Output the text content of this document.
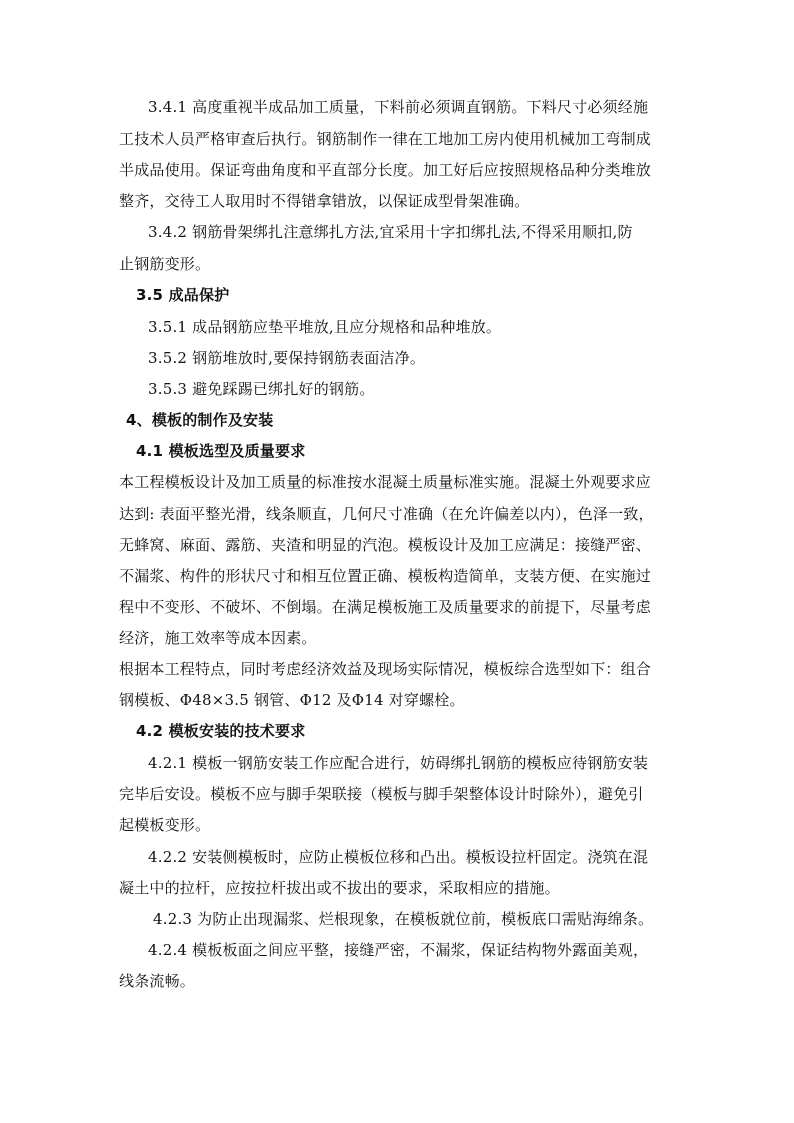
3.4.1 高度重视半成品加工质量，下料前必须调直钢筋。下料尺寸必须经施
工技术人员严格审查后执行。钢筋制作一律在工地加工房内使用机械加工弯制成
半成品使用。保证弯曲角度和平直部分长度。加工好后应按照规格品种分类堆放
整齐，交待工人取用时不得错拿错放，以保证成型骨架准确。
3.4.2 钢筋骨架绑扎注意绑扎方法,宜采用十字扣绑扎法,不得采用顺扣,防
止钢筋变形。
3.5 成品保护
3.5.1 成品钢筋应垫平堆放,且应分规格和品种堆放。
3.5.2 钢筋堆放时,要保持钢筋表面洁净。
3.5.3 避免踩踢已绑扎好的钢筋。
4、模板的制作及安装
4.1 模板选型及质量要求
本工程模板设计及加工质量的标准按水混凝土质量标准实施。混凝土外观要求应
达到: 表面平整光滑，线条顺直，几何尺寸准确（在允许偏差以内），色泽一致，
无蜂窝、麻面、露筋、夹渣和明显的汽泡。模板设计及加工应满足：接缝严密、
不漏浆、构件的形状尺寸和相互位置正确、模板构造简单，支装方便、在实施过
程中不变形、不破坏、不倒塌。在满足模板施工及质量要求的前提下，尽量考虑
经济，施工效率等成本因素。
根据本工程特点，同时考虑经济效益及现场实际情况，模板综合选型如下：组合
钢模板、Φ48×3.5 钢管、Φ12 及Φ14 对穿螺栓。
4.2 模板安装的技术要求
4.2.1 模板一钢筋安装工作应配合进行，妨碍绑扎钢筋的模板应待钢筋安装
完毕后安设。模板不应与脚手架联接（模板与脚手架整体设计时除外），避免引
起模板变形。
4.2.2 安装侧模板时，应防止模板位移和凸出。模板设拉杆固定。浇筑在混
凝土中的拉杆，应按拉杆拔出或不拔出的要求，采取相应的措施。
4.2.3 为防止出现漏浆、烂根现象，在模板就位前，模板底口需贴海绵条。
4.2.4 模板板面之间应平整，接缝严密，不漏浆，保证结构物外露面美观，
线条流畅。
